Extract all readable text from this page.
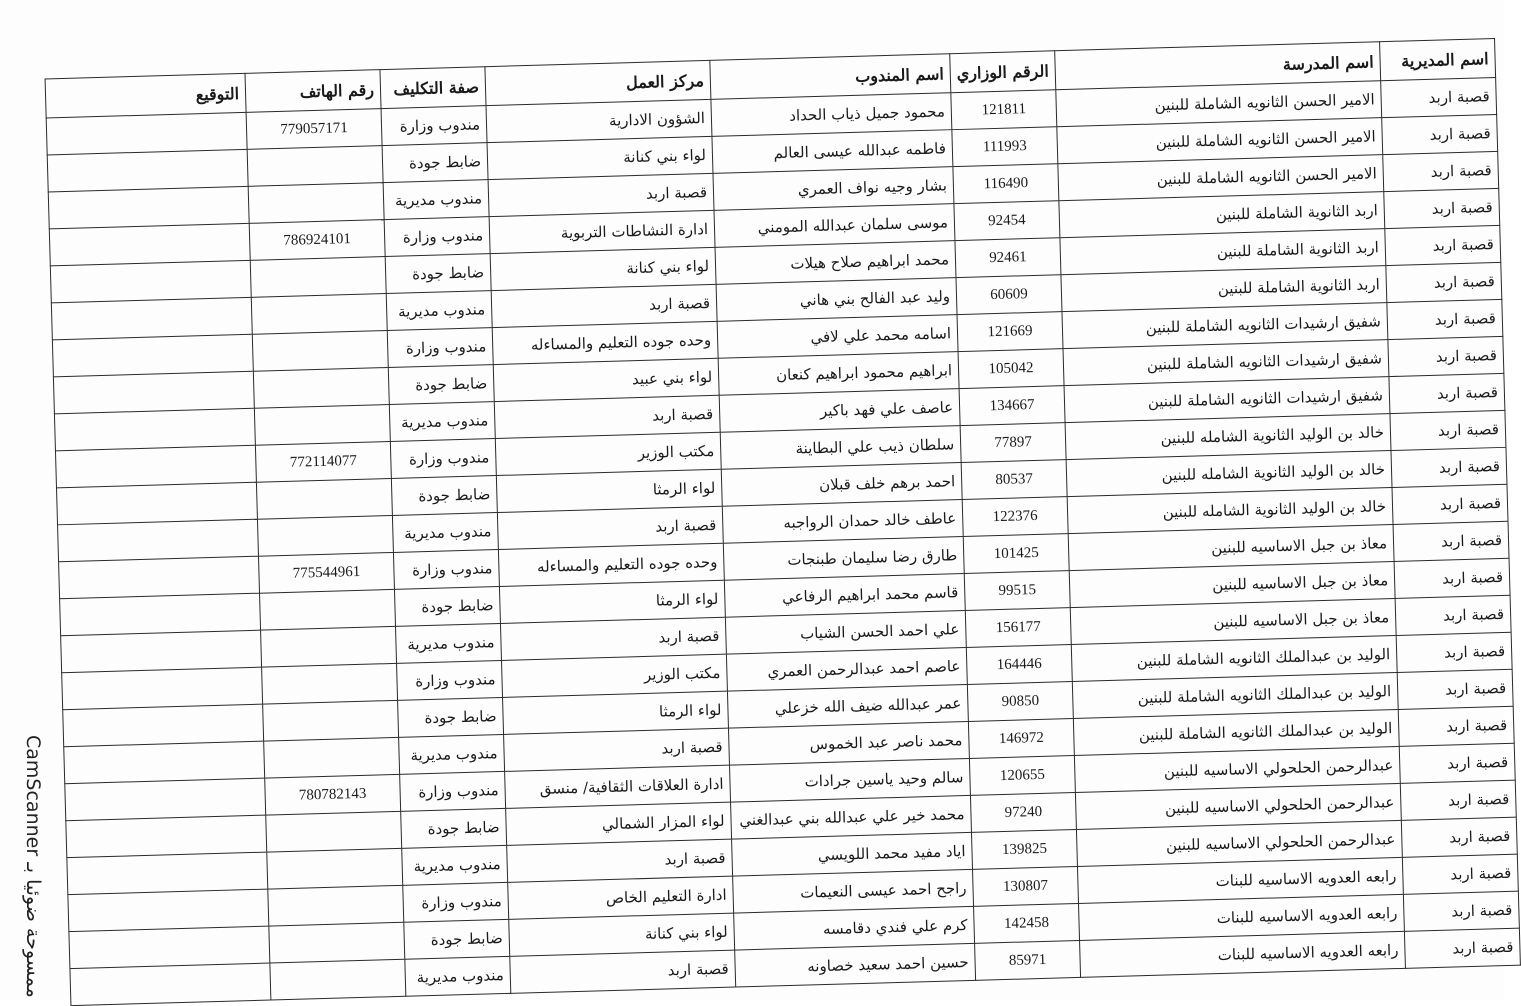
اسم المديرية	اسم المدرسة	الرقم الوزاري	اسم المندوب	مركز العمل	صفة التكليف	رقم الهاتف	التوقيع
قصبة اربد	الامير الحسن الثانويه الشاملة للبنين	121811	محمود جميل ذياب الحداد	الشؤون الادارية	مندوب وزارة	779057171	
قصبة اربد	الامير الحسن الثانويه الشاملة للبنين	111993	فاطمه عبدالله عيسى العالم	لواء بني كنانة	ضابط جودة		
قصبة اربد	الامير الحسن الثانويه الشاملة للبنين	116490	بشار وجيه نواف العمري	قصبة اربد	مندوب مديرية		
قصبة اربد	اربد الثانوية الشاملة للبنين	92454	موسى سلمان عبدالله المومني	ادارة النشاطات التربوية	مندوب وزارة	786924101	
قصبة اربد	اربد الثانوية الشاملة للبنين	92461	محمد ابراهيم صلاح هيلات	لواء بني كنانة	ضابط جودة		
قصبة اربد	اربد الثانوية الشاملة للبنين	60609	وليد عبد الفالح بني هاني	قصبة اربد	مندوب مديرية		
قصبة اربد	شفيق ارشيدات الثانويه الشاملة للبنين	121669	اسامه محمد علي لافي	وحده جوده التعليم والمساءله	مندوب وزارة		
قصبة اربد	شفيق ارشيدات الثانويه الشاملة للبنين	105042	ابراهيم محمود ابراهيم كنعان	لواء بني عبيد	ضابط جودة		
قصبة اربد	شفيق ارشيدات الثانويه الشاملة للبنين	134667	عاصف علي فهد باكير	قصبة اربد	مندوب مديرية		
قصبة اربد	خالد بن الوليد الثانوية الشامله للبنين	77897	سلطان ذيب علي البطاينة	مكتب الوزير	مندوب وزارة	772114077	
قصبة اربد	خالد بن الوليد الثانوية الشامله للبنين	80537	احمد برهم خلف قبلان	لواء الرمثا	ضابط جودة		
قصبة اربد	خالد بن الوليد الثانوية الشامله للبنين	122376	عاطف خالد حمدان الرواجبه	قصبة اربد	مندوب مديرية		
قصبة اربد	معاذ بن جبل الاساسيه للبنين	101425	طارق رضا سليمان طبنجات	وحده جوده التعليم والمساءله	مندوب وزارة	775544961	
قصبة اربد	معاذ بن جبل الاساسيه للبنين	99515	قاسم محمد ابراهيم الرفاعي	لواء الرمثا	ضابط جودة		
قصبة اربد	معاذ بن جبل الاساسيه للبنين	156177	علي احمد الحسن الشياب	قصبة اربد	مندوب مديرية		
قصبة اربد	الوليد بن عبدالملك الثانويه الشاملة للبنين	164446	عاصم احمد عبدالرحمن العمري	مكتب الوزير	مندوب وزارة		
قصبة اربد	الوليد بن عبدالملك الثانويه الشاملة للبنين	90850	عمر عبدالله ضيف الله خزعلي	لواء الرمثا	ضابط جودة		
قصبة اربد	الوليد بن عبدالملك الثانويه الشاملة للبنين	146972	محمد ناصر عبد الخموس	قصبة اربد	مندوب مديرية		
قصبة اربد	عبدالرحمن الحلحولي الاساسيه للبنين	120655	سالم وحيد ياسين جرادات	ادارة العلاقات الثقافية/ منسق	مندوب وزارة	780782143	
قصبة اربد	عبدالرحمن الحلحولي الاساسيه للبنين	97240	محمد خير علي عبدالله بني عبدالغني	لواء المزار الشمالي	ضابط جودة		
قصبة اربد	عبدالرحمن الحلحولي الاساسيه للبنين	139825	اياد مفيد محمد اللويسي	قصبة اربد	مندوب مديرية		
قصبة اربد	رابعه العدويه الاساسيه للبنات	130807	راجح احمد عيسى النعيمات	ادارة التعليم الخاص	مندوب وزارة		
قصبة اربد	رابعه العدويه الاساسيه للبنات	142458	كرم علي فندي دقامسه	لواء بني كنانة	ضابط جودة		
قصبة اربد	رابعه العدويه الاساسيه للبنات	85971	حسين احمد سعيد خصاونه	قصبة اربد	مندوب مديرية		
CamScanner ممسوحة ضوئيا بـ
